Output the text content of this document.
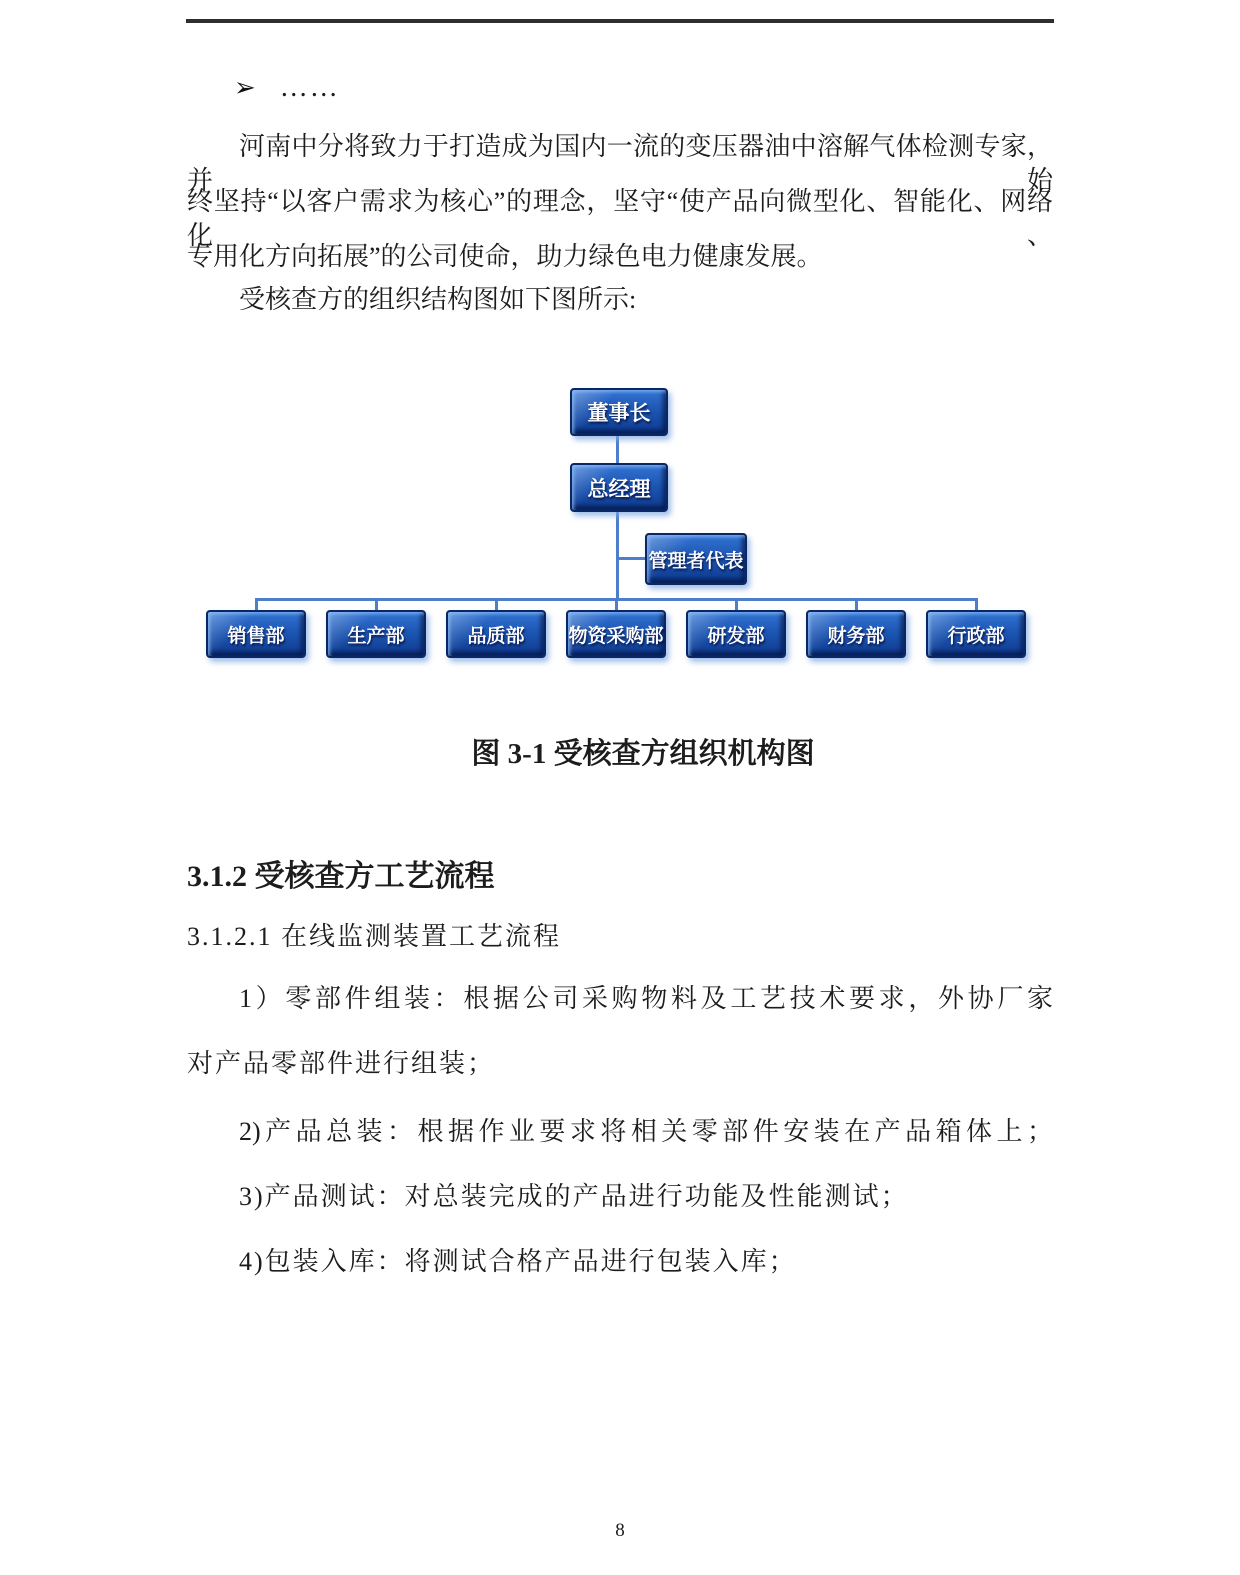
➢ ……
河南中分将致力于打造成为国内一流的变压器油中溶解气体检测专家，并始
终坚持“以客户需求为核心”的理念，坚守“使产品向微型化、智能化、网络化、
专用化方向拓展”的公司使命，助力绿色电力健康发展。
受核查方的组织结构图如下图所示:
董事长
总经理
管理者代表
销售部	生产部	品质部	物资采购部	研发部	财务部	行政部
图 3-1 受核查方组织机构图
3.1.2 受核查方工艺流程
3.1.2.1 在线监测装置工艺流程
1）零部件组装：根据公司采购物料及工艺技术要求，外协厂家
对产品零部件进行组装；
2)产品总装：根据作业要求将相关零部件安装在产品箱体上；
3)产品测试：对总装完成的产品进行功能及性能测试；
4)包装入库：将测试合格产品进行包装入库；
8
